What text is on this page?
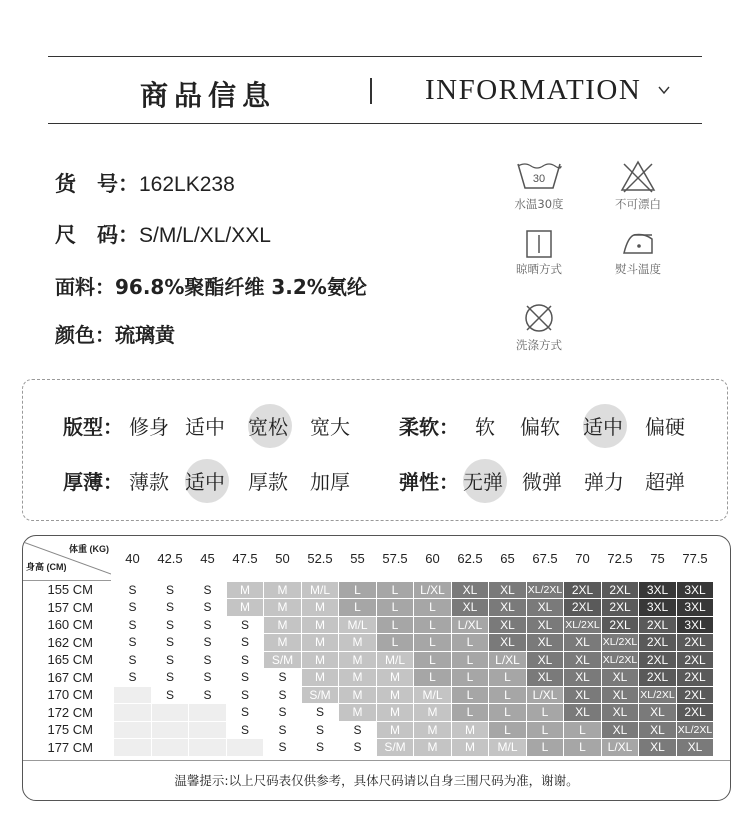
商品信息	INFORMATION
货　号：162LK238
尺　码：S/M/L/XL/XXL
面料：96.8%聚酯纤维 3.2%氨纶
颜色：琉璃黄
30
水温30度	不可漂白
晾晒方式	熨斗温度
洗涤方式
版型： 修身 适中 宽松 宽大 柔软： 软 偏软 适中 偏硬
厚薄： 薄款 适中 厚款 加厚 弹性： 无弹 微弹 弹力 超弹
体重 (KG)
身高 (CM)	40	42.5	45	47.5	50	52.5	55	57.5	60	62.5	65	67.5	70	72.5	75	77.5
155 CM	S	S	S	M	M	M/L	L	L	L/XL	XL	XL	XL/2XL	2XL	2XL	3XL	3XL
157 CM	S	S	S	M	M	M	L	L	L	XL	XL	XL	2XL	2XL	3XL	3XL
160 CM	S	S	S	S	M	M	M/L	L	L	L/XL	XL	XL	XL/2XL	2XL	2XL	3XL
162 CM	S	S	S	S	M	M	M	L	L	L	XL	XL	XL	XL/2XL	2XL	2XL
165 CM	S	S	S	S	S/M	M	M	M/L	L	L	L/XL	XL	XL	XL/2XL	2XL	2XL
167 CM	S	S	S	S	S	M	M	M	L	L	L	XL	XL	XL	2XL	2XL
170 CM		S	S	S	S	S/M	M	M	M/L	L	L	L/XL	XL	XL	XL/2XL	2XL
172 CM				S	S	S	M	M	M	L	L	L	XL	XL	XL	2XL
175 CM				S	S	S	S	M	M	M	L	L	L	XL	XL	XL/2XL
177 CM					S	S	S	S/M	M	M	M/L	L	L	L/XL	XL	XL
温馨提示:以上尺码表仅供参考，具体尺码请以自身三围尺码为准，谢谢。
